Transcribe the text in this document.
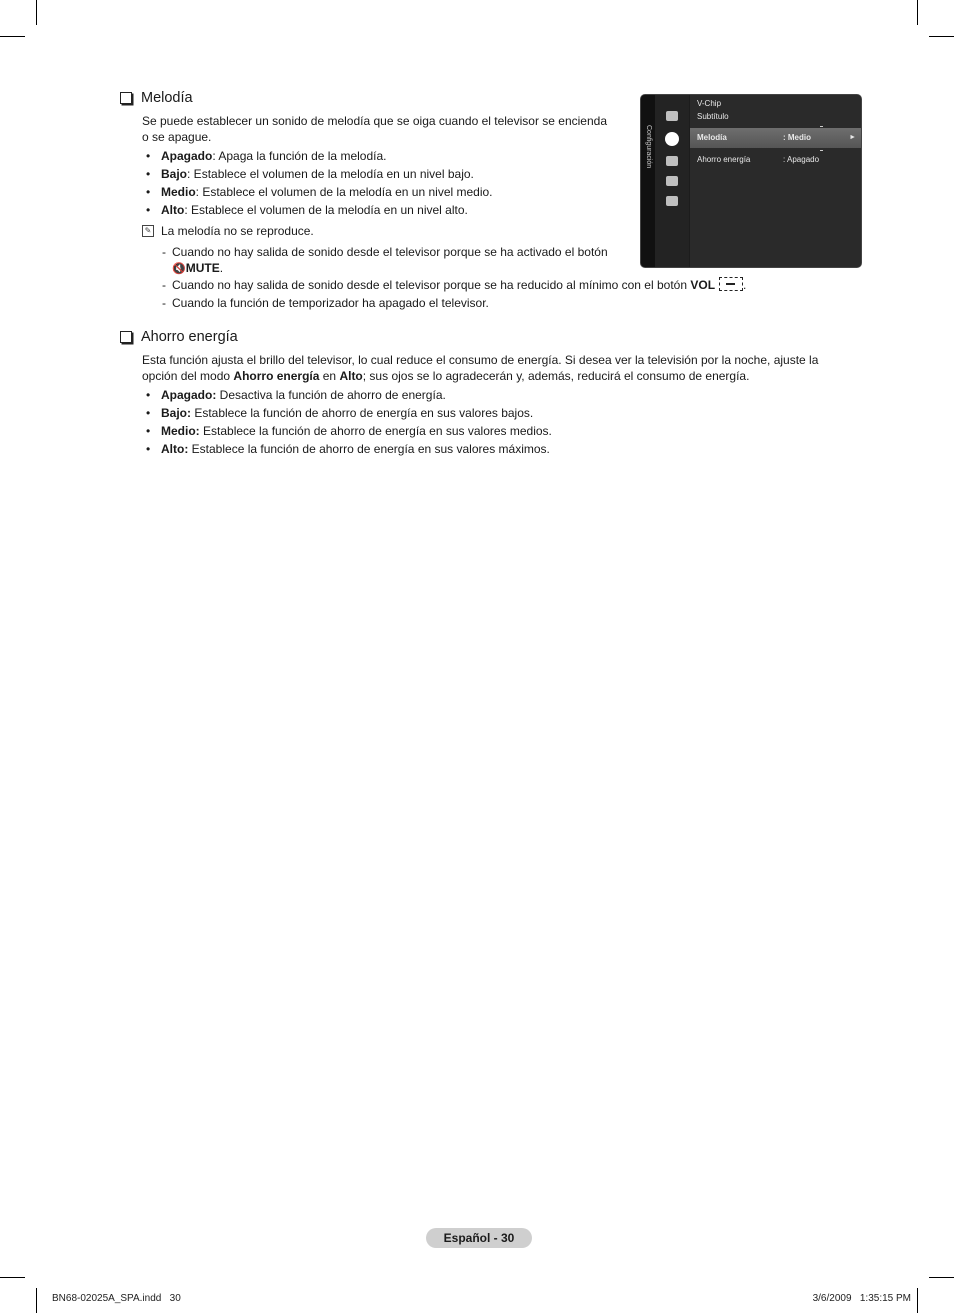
Melodía

Se puede establecer un sonido de melodía que se oiga cuando el televisor se encienda
o se apague.

• Apagado: Apaga la función de la melodía.
• Bajo: Establece el volumen de la melodía en un nivel bajo.
• Medio: Establece el volumen de la melodía en un nivel medio.
• Alto: Establece el volumen de la melodía en un nivel alto.
✎ La melodía no se reproduce.
- Cuando no hay salida de sonido desde el televisor porque se ha activado el botón
🔇MUTE.
- Cuando no hay salida de sonido desde el televisor porque se ha reducido al mínimo con el botón VOL .
- Cuando la función de temporizador ha apagado el televisor.
Configuración
V-Chip
Subtítulo
Melodía	: Medio	►
Ahorro energía	: Apagado
Ahorro energía

Esta función ajusta el brillo del televisor, lo cual reduce el consumo de energía. Si desea ver la televisión por la noche, ajuste la
opción del modo Ahorro energía en Alto; sus ojos se lo agradecerán y, además, reducirá el consumo de energía.

• Apagado: Desactiva la función de ahorro de energía.
• Bajo: Establece la función de ahorro de energía en sus valores bajos.
• Medio: Establece la función de ahorro de energía en sus valores medios.
• Alto: Establece la función de ahorro de energía en sus valores máximos.
Español - 30
BN68-02025A_SPA.indd   30	3/6/2009   1:35:15 PM
